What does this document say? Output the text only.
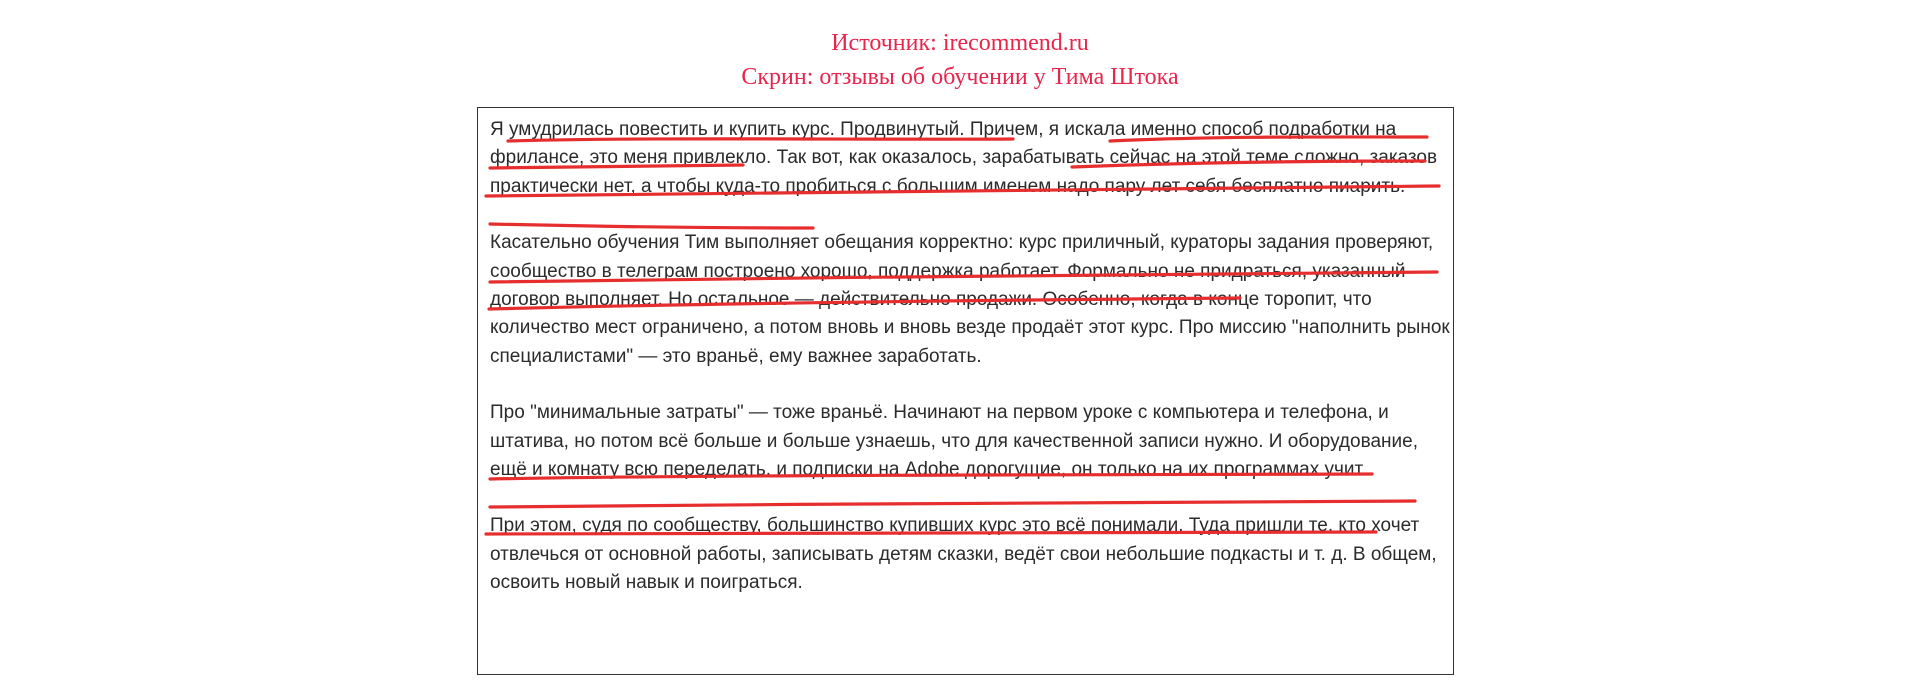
Источник: irecommend.ru

Скрин: отзывы об обучении у Тима Штока

Я умудрилась повестить и купить курс. Продвинутый. Причем, я искала именно способ подработки на фрилансе, это меня привлекло. Так вот, как оказалось, зарабатывать сейчас на этой теме сложно, заказов практически нет, а чтобы куда-то пробиться с большим именем надо пару лет себя бесплатно пиарить.

Касательно обучения Тим выполняет обещания корректно: курс приличный, кураторы задания проверяют, сообщество в телеграм построено хорошо, поддержка работает. Формально не придраться, указанный договор выполняет. Но остальное — действительно продажи. Особенно, когда в конце торопит, что количество мест ограничено, а потом вновь и вновь везде продаёт этот курс. Про миссию "наполнить рынок специалистами" — это враньё, ему важнее заработать.

Про "минимальные затраты" — тоже враньё. Начинают на первом уроке с компьютера и телефона, и штатива, но потом всё больше и больше узнаешь, что для качественной записи нужно. И оборудование, ещё и комнату всю переделать, и подписки на Adobe дорогущие, он только на их программах учит.

При этом, судя по сообществу, большинство купивших курс это всё понимали. Туда пришли те, кто хочет отвлечься от основной работы, записывать детям сказки, ведёт свои небольшие подкасты и т. д. В общем, освоить новый навык и поиграться.
